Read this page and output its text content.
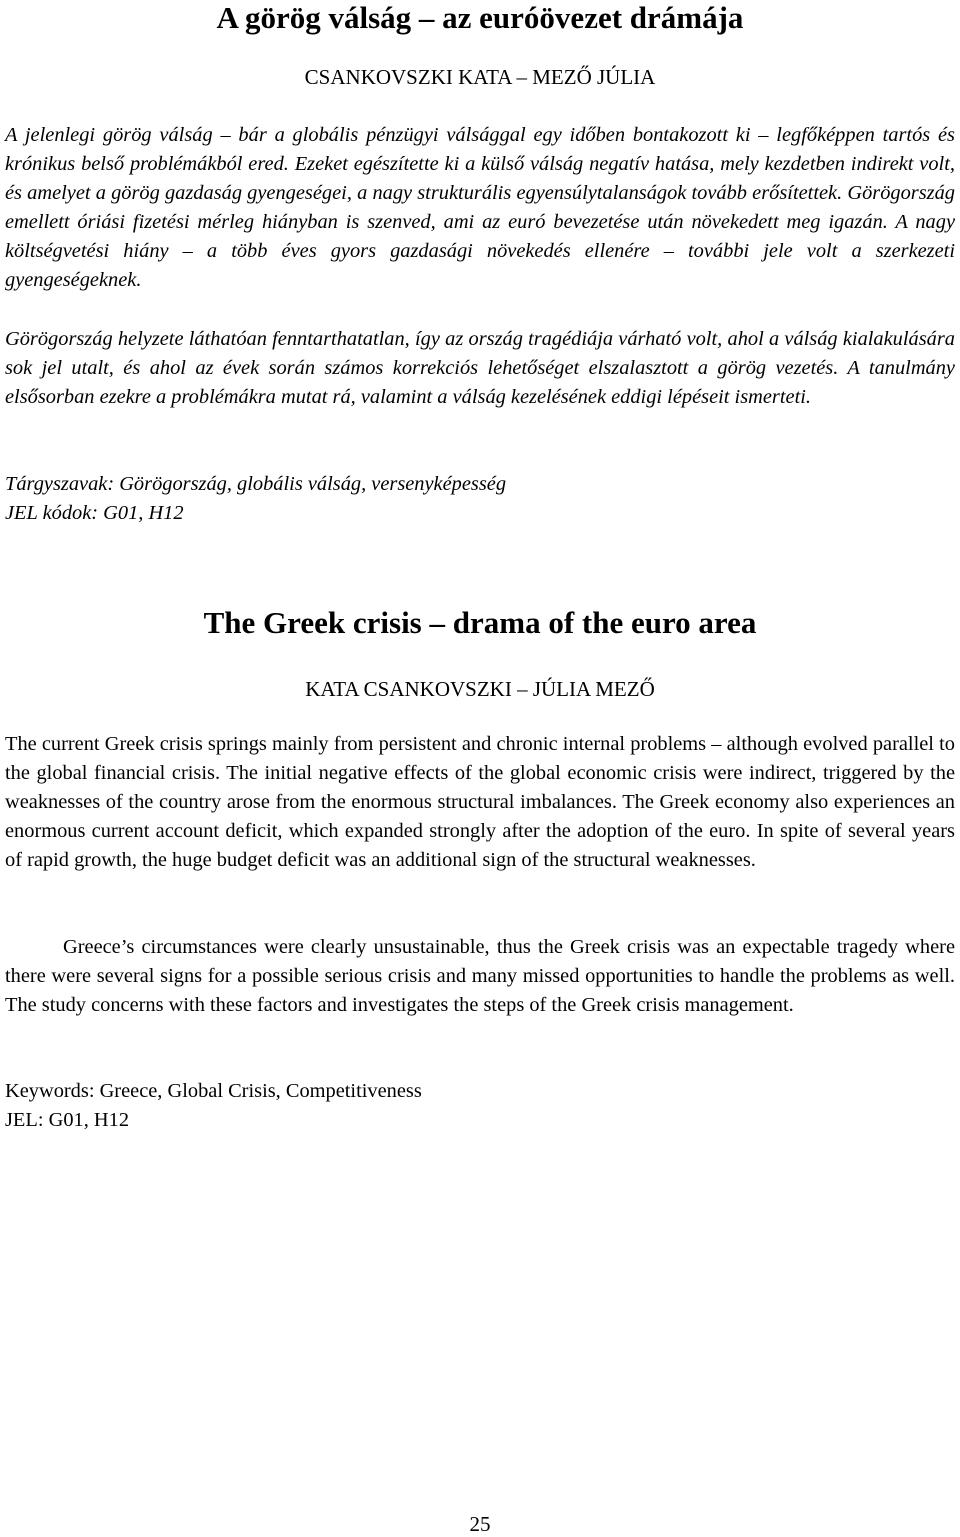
A görög válság – az euróövezet drámája

CSANKOVSZKI KATA – MEZŐ JÚLIA

A jelenlegi görög válság – bár a globális pénzügyi válsággal egy időben bontakozott ki – legfőképpen tartós és krónikus belső problémákból ered. Ezeket egészítette ki a külső válság negatív hatása, mely kezdetben indirekt volt, és amelyet a görög gazdaság gyengeségei, a nagy strukturális egyensúlytalanságok tovább erősítettek. Görögország emellett óriási fizetési mérleg hiányban is szenved, ami az euró bevezetése után növekedett meg igazán. A nagy költségvetési hiány – a több éves gyors gazdasági növekedés ellenére – további jele volt a szerkezeti gyengeségeknek.

Görögország helyzete láthatóan fenntarthatatlan, így az ország tragédiája várható volt, ahol a válság kialakulására sok jel utalt, és ahol az évek során számos korrekciós lehetőséget elszalasztott a görög vezetés. A tanulmány elsősorban ezekre a problémákra mutat rá, valamint a válság kezelésének eddigi lépéseit ismerteti.

Tárgyszavak: Görögország, globális válság, versenyképesség

JEL kódok: G01, H12

The Greek crisis – drama of the euro area

KATA CSANKOVSZKI – JÚLIA MEZŐ

The current Greek crisis springs mainly from persistent and chronic internal problems – although evolved parallel to the global financial crisis. The initial negative effects of the global economic crisis were indirect, triggered by the weaknesses of the country arose from the enormous structural imbalances. The Greek economy also experiences an enormous current account deficit, which expanded strongly after the adoption of the euro. In spite of several years of rapid growth, the huge budget deficit was an additional sign of the structural weaknesses.

Greece’s circumstances were clearly unsustainable, thus the Greek crisis was an expectable tragedy where there were several signs for a possible serious crisis and many missed opportunities to handle the problems as well. The study concerns with these factors and investigates the steps of the Greek crisis management.

Keywords: Greece, Global Crisis, Competitiveness

JEL: G01, H12

25
